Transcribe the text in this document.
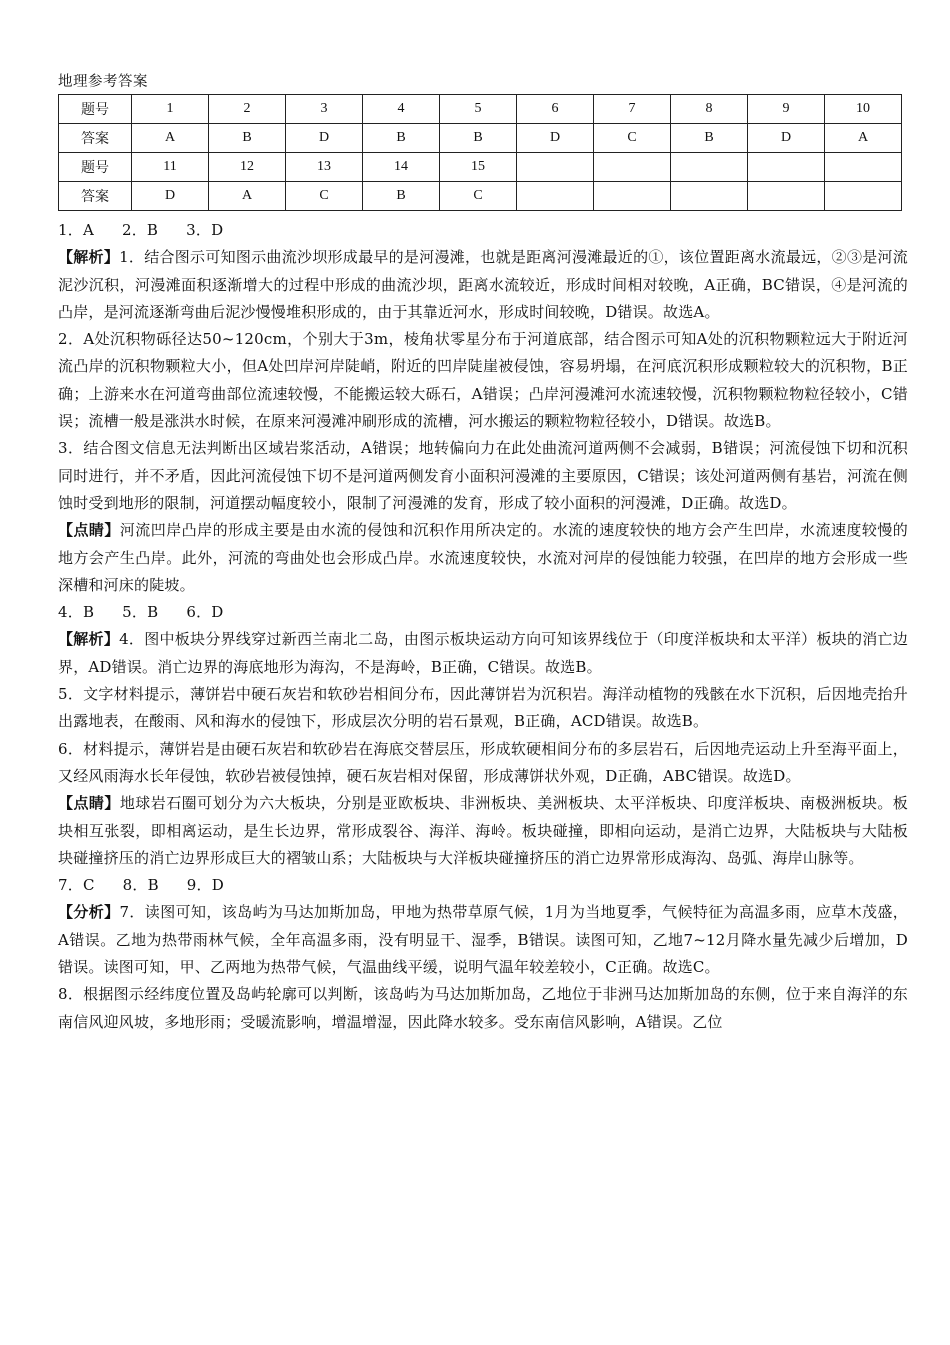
地理参考答案
题号	1	2	3	4	5	6	7	8	9	10
答案	A	B	D	B	B	D	C	B	D	A
题号	11	12	13	14	15					
答案	D	A	C	B	C					

1．A 2．B 3．D

【解析】1．结合图示可知图示曲流沙坝形成最早的是河漫滩，也就是距离河漫滩最近的①，该位置距离水流最远，②③是河流泥沙沉积，河漫滩面积逐渐增大的过程中形成的曲流沙坝，距离水流较近，形成时间相对较晚，A正确，BC错误，④是河流的凸岸，是河流逐渐弯曲后泥沙慢慢堆积形成的，由于其靠近河水，形成时间较晚，D错误。故选A。

2．A处沉积物砾径达50~120cm，个别大于3m，棱角状零星分布于河道底部，结合图示可知A处的沉积物颗粒远大于附近河流凸岸的沉积物颗粒大小，但A处凹岸河岸陡峭，附近的凹岸陡崖被侵蚀，容易坍塌，在河底沉积形成颗粒较大的沉积物，B正确；上游来水在河道弯曲部位流速较慢，不能搬运较大砾石，A错误；凸岸河漫滩河水流速较慢，沉积物颗粒物粒径较小，C错误；流槽一般是涨洪水时候，在原来河漫滩冲刷形成的流槽，河水搬运的颗粒物粒径较小，D错误。故选B。

3．结合图文信息无法判断出区域岩浆活动，A错误；地转偏向力在此处曲流河道两侧不会减弱，B错误；河流侵蚀下切和沉积同时进行，并不矛盾，因此河流侵蚀下切不是河道两侧发育小面积河漫滩的主要原因，C错误；该处河道两侧有基岩，河流在侧蚀时受到地形的限制，河道摆动幅度较小，限制了河漫滩的发育，形成了较小面积的河漫滩，D正确。故选D。

【点睛】河流凹岸凸岸的形成主要是由水流的侵蚀和沉积作用所决定的。水流的速度较快的地方会产生凹岸，水流速度较慢的地方会产生凸岸。此外，河流的弯曲处也会形成凸岸。水流速度较快，水流对河岸的侵蚀能力较强，在凹岸的地方会形成一些深槽和河床的陡坡。

4．B 5．B 6．D

【解析】4．图中板块分界线穿过新西兰南北二岛，由图示板块运动方向可知该界线位于（印度洋板块和太平洋）板块的消亡边界，AD错误。消亡边界的海底地形为海沟，不是海岭，B正确，C错误。故选B。

5．文字材料提示，薄饼岩中硬石灰岩和软砂岩相间分布，因此薄饼岩为沉积岩。海洋动植物的残骸在水下沉积，后因地壳抬升出露地表，在酸雨、风和海水的侵蚀下，形成层次分明的岩石景观，B正确，ACD错误。故选B。

6．材料提示，薄饼岩是由硬石灰岩和软砂岩在海底交替层压，形成软硬相间分布的多层岩石，后因地壳运动上升至海平面上，又经风雨海水长年侵蚀，软砂岩被侵蚀掉，硬石灰岩相对保留，形成薄饼状外观，D正确，ABC错误。故选D。

【点睛】地球岩石圈可划分为六大板块，分别是亚欧板块、非洲板块、美洲板块、太平洋板块、印度洋板块、南极洲板块。板块相互张裂，即相离运动，是生长边界，常形成裂谷、海洋、海岭。板块碰撞，即相向运动，是消亡边界，大陆板块与大陆板块碰撞挤压的消亡边界形成巨大的褶皱山系；大陆板块与大洋板块碰撞挤压的消亡边界常形成海沟、岛弧、海岸山脉等。

7．C 8．B 9．D

【分析】7．读图可知，该岛屿为马达加斯加岛，甲地为热带草原气候，1月为当地夏季，气候特征为高温多雨，应草木茂盛，A错误。乙地为热带雨林气候，全年高温多雨，没有明显干、湿季，B错误。读图可知，乙地7~12月降水量先减少后增加，D错误。读图可知，甲、乙两地为热带气候，气温曲线平缓，说明气温年较差较小，C正确。故选C。

8．根据图示经纬度位置及岛屿轮廓可以判断，该岛屿为马达加斯加岛，乙地位于非洲马达加斯加岛的东侧，位于来自海洋的东南信风迎风坡，多地形雨；受暖流影响，增温增湿，因此降水较多。受东南信风影响，A错误。乙位
